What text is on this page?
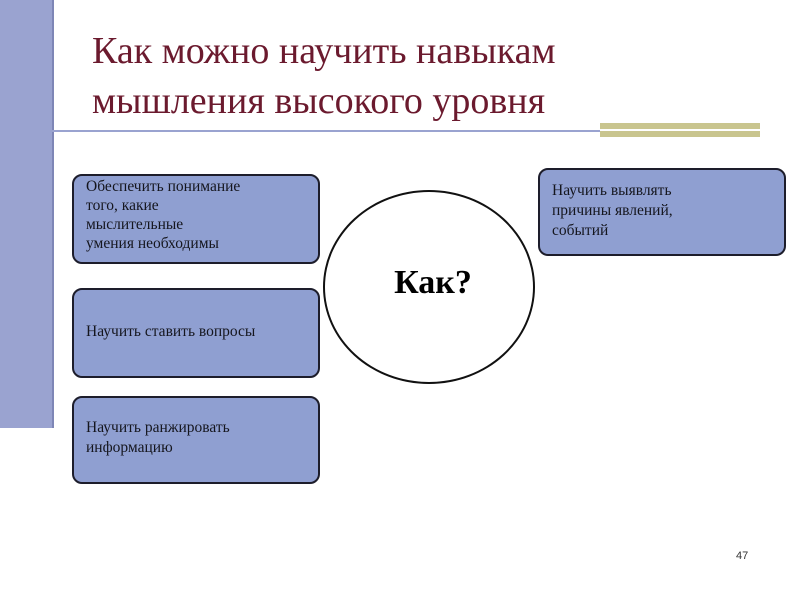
Как можно научить навыкам
мышления высокого уровня
Обеспечить понимание
того, какие
мыслительные
умения необходимы
Научить ставить вопросы
Научить ранжировать
информацию
Научить выявлять
причины явлений,
событий
Как?
47
